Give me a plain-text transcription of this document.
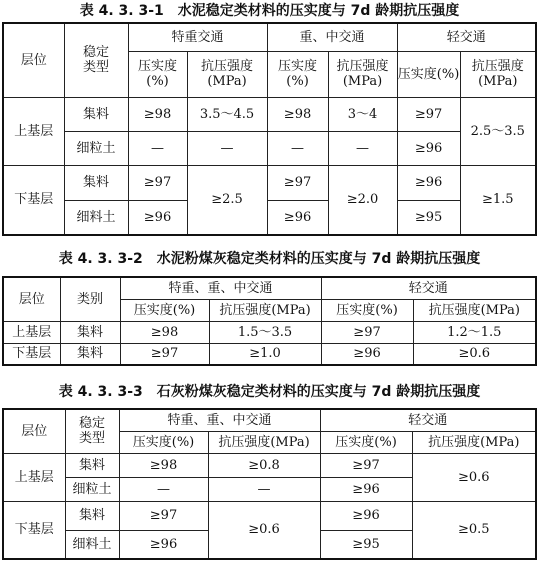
表 4. 3. 3-1　水泥稳定类材料的压实度与 7d 龄期抗压强度
层位	稳定类型	特重交通		重、中交通		轻交通	
		压实度(%)	抗压强度(MPa)	压实度(%)	抗压强度(MPa)	压实度(%)	抗压强度(MPa)
上基层	集料	≥98	3.5～4.5	≥98	3～4	≥97	2.5～3.5
	细粒土	—	—	—	—	≥96	
下基层	集料	≥97	≥2.5	≥97	≥2.0	≥96	≥1.5
	细料土	≥96		≥96		≥95	
表 4. 3. 3-2　水泥粉煤灰稳定类材料的压实度与 7d 龄期抗压强度
层位	类别	特重、重、中交通		轻交通	
		压实度(%)	抗压强度(MPa)	压实度(%)	抗压强度(MPa)
上基层	集料	≥98	1.5～3.5	≥97	1.2～1.5
下基层	集料	≥97	≥1.0	≥96	≥0.6
表 4. 3. 3-3　石灰粉煤灰稳定类材料的压实度与 7d 龄期抗压强度
层位	稳定类型	特重、重、中交通		轻交通	
		压实度(%)	抗压强度(MPa)	压实度(%)	抗压强度(MPa)
上基层	集料	≥98	≥0.8	≥97	≥0.6
	细粒土	—	—	≥96	
下基层	集料	≥97	≥0.6	≥96	≥0.5
	细料土	≥96		≥95	
